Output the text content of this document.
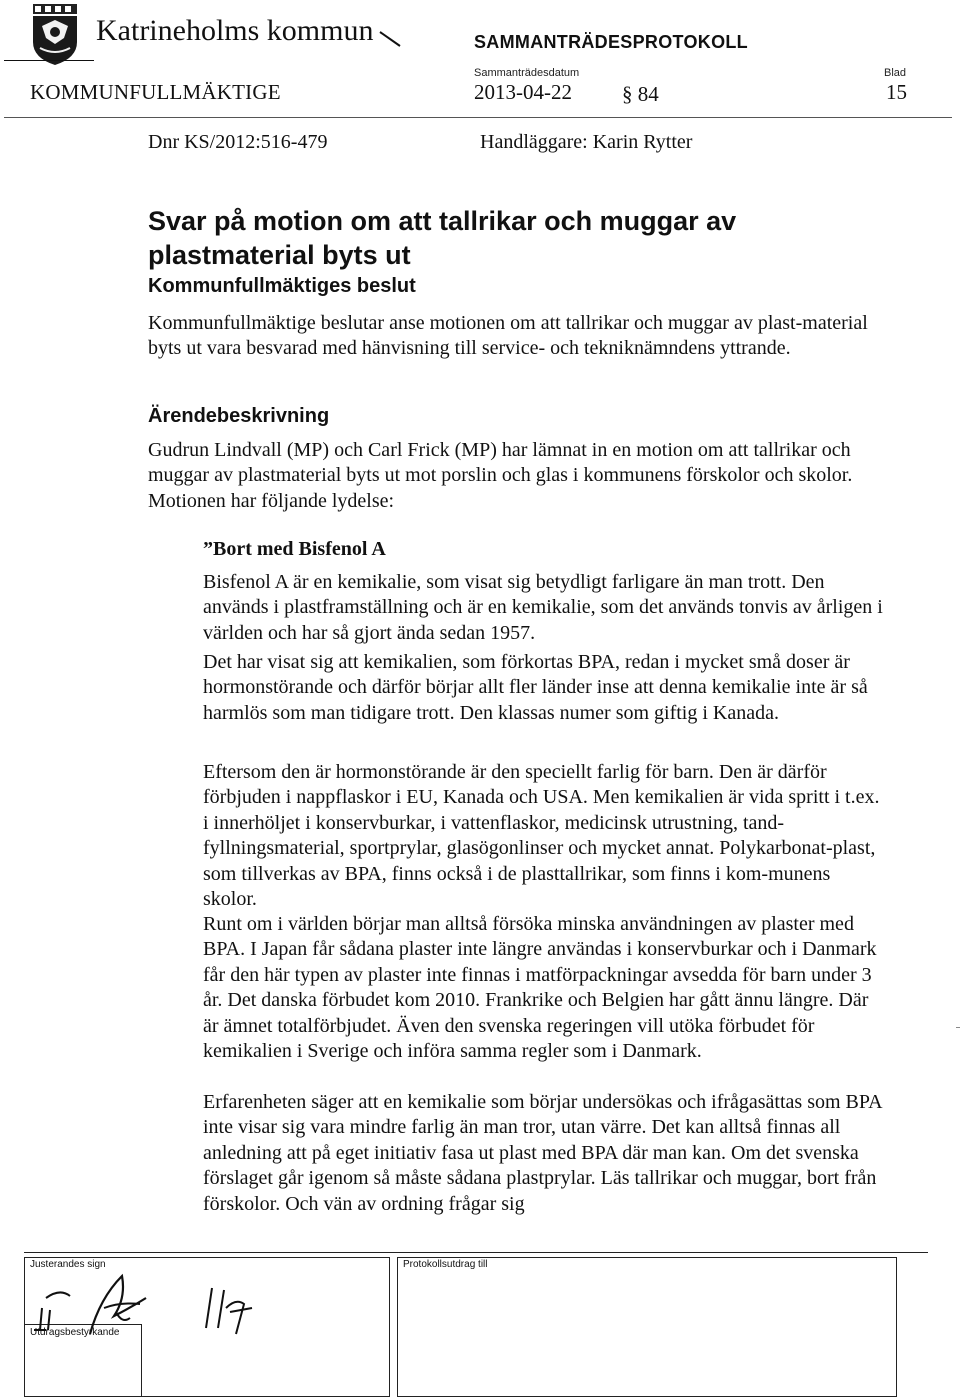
Katrineholms kommun	SAMMANTRÄDESPROTOKOLL
Sammanträdesdatum	Blad
KOMMUNFULLMÄKTIGE	2013-04-22 § 84	15
Dnr KS/2012:516-479	Handläggare: Karin Rytter
Svar på motion om att tallrikar och muggar av plastmaterial byts ut
Kommunfullmäktiges beslut
Kommunfullmäktige beslutar anse motionen om att tallrikar och muggar av plast-material byts ut vara besvarad med hänvisning till service- och tekniknämndens yttrande.
Ärendebeskrivning
Gudrun Lindvall (MP) och Carl Frick (MP) har lämnat in en motion om att tallrikar och muggar av plastmaterial byts ut mot porslin och glas i kommunens förskolor och skolor. Motionen har följande lydelse:
”Bort med Bisfenol A
Bisfenol A är en kemikalie, som visat sig betydligt farligare än man trott. Den används i plastframställning och är en kemikalie, som det används tonvis av årligen i världen och har så gjort ända sedan 1957.
Det har visat sig att kemikalien, som förkortas BPA, redan i mycket små doser är hormonstörande och därför börjar allt fler länder inse att denna kemikalie inte är så harmlös som man tidigare trott. Den klassas numer som giftig i Kanada.
Eftersom den är hormonstörande är den speciellt farlig för barn. Den är därför förbjuden i nappflaskor i EU, Kanada och USA. Men kemikalien är vida spritt i t.ex. i innerhöljet i konservburkar, i vattenflaskor, medicinsk utrustning, tand-fyllningsmaterial, sportprylar, glasögonlinser och mycket annat. Polykarbonat-plast, som tillverkas av BPA, finns också i de plasttallrikar, som finns i kom-munens skolor.
Runt om i världen börjar man alltså försöka minska användningen av plaster med BPA. I Japan får sådana plaster inte längre användas i konservburkar och i Danmark får den här typen av plaster inte finnas i matförpackningar avsedda för barn under 3 år. Det danska förbudet kom 2010. Frankrike och Belgien har gått ännu längre. Där är ämnet totalförbjudet. Även den svenska regeringen vill utöka förbudet för kemikalien i Sverige och införa samma regler som i Danmark.
Erfarenheten säger att en kemikalie som börjar undersökas och ifrågasättas som BPA inte visar sig vara mindre farlig än man tror, utan värre. Det kan alltså finnas all anledning att på eget initiativ fasa ut plast med BPA där man kan. Om det svenska förslaget går igenom så måste sådana plastprylar. Läs tallrikar och muggar, bort från förskolor. Och vän av ordning frågar sig
Justerandes sign
Utdragsbestyrkande
Protokollsutdrag till
